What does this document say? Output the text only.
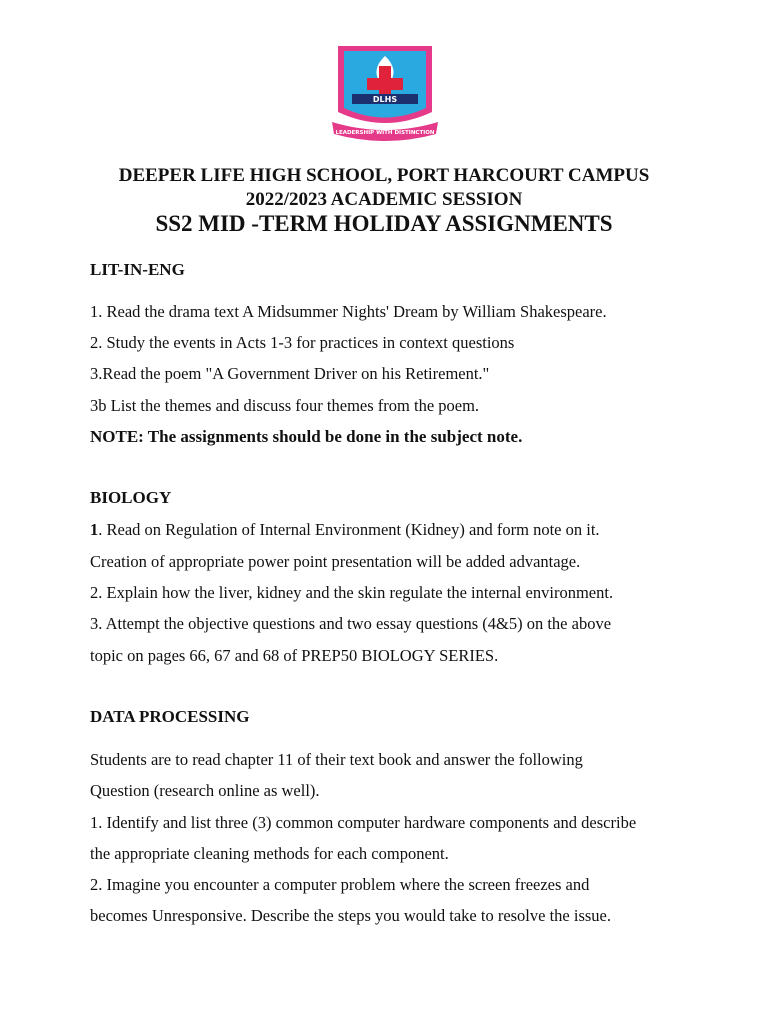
DLHS
LEADERSHIP WITH DISTINCTION
DEEPER LIFE HIGH SCHOOL, PORT HARCOURT CAMPUS
2022/2023 ACADEMIC SESSION
SS2 MID -TERM HOLIDAY ASSIGNMENTS
LIT-IN-ENG
1. Read the drama text A Midsummer Nights' Dream by William Shakespeare.
2. Study the events in Acts 1-3 for practices in context questions
3.Read the poem "A Government Driver on his Retirement."
3b List the themes and discuss four themes from the poem.
NOTE: The assignments should be done in the subject note.
BIOLOGY
1. Read on Regulation of Internal Environment (Kidney) and form note on it.
Creation of appropriate power point presentation will be added advantage.
2. Explain how the liver, kidney and the skin regulate the internal environment.
3. Attempt the objective questions and two essay questions (4&5) on the above
topic on pages 66, 67 and 68 of PREP50 BIOLOGY SERIES.
DATA PROCESSING
Students are to read chapter 11 of their text book and answer the following
Question (research online as well).
1. Identify and list three (3) common computer hardware components and describe
the appropriate cleaning methods for each component.
2. Imagine you encounter a computer problem where the screen freezes and
becomes Unresponsive. Describe the steps you would take to resolve the issue.
